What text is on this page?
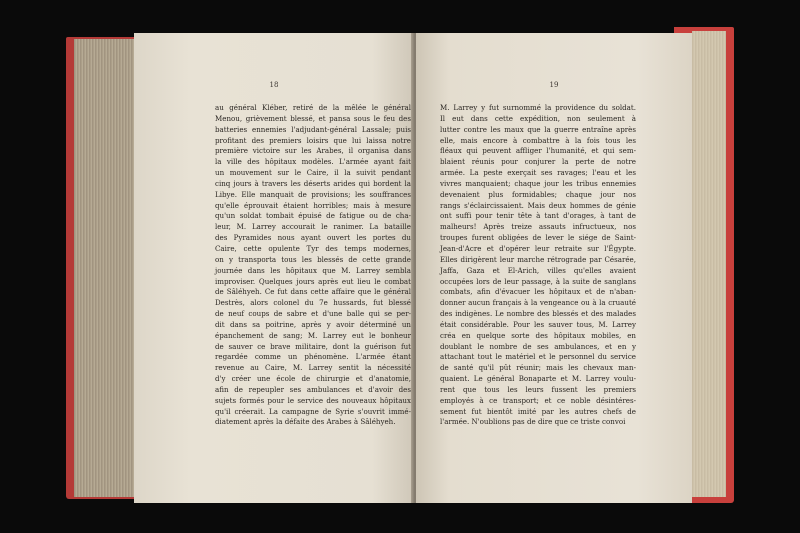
18
au général Kléber, retiré de la mêlée le général
Menou, grièvement blessé, et pansa sous le feu des
batteries ennemies l'adjudant-général Lassale; puis
profitant des premiers loisirs que lui laissa notre
première victoire sur les Arabes, il organisa dans
la ville des hôpitaux modèles. L'armée ayant fait
un mouvement sur le Caire, il la suivit pendant
cinq jours à travers les déserts arides qui bordent la
Libye. Elle manquait de provisions; les souffrances
qu'elle éprouvait étaient horribles; mais à mesure
qu'un soldat tombait épuisé de fatigue ou de cha-
leur, M. Larrey accourait le ranimer. La bataille
des Pyramides nous ayant ouvert les portes du
Caire, cette opulente Tyr des temps modernes,
on y transporta tous les blessés de cette grande
journée dans les hôpitaux que M. Larrey sembla
improviser. Quelques jours après eut lieu le combat
de Sâléhyeh. Ce fut dans cette affaire que le général
Destrès, alors colonel du 7e hussards, fut blessé
de neuf coups de sabre et d'une balle qui se per-
dit dans sa poitrine, après y avoir déterminé un
épanchement de sang; M. Larrey eut le bonheur
de sauver ce brave militaire, dont la guérison fut
regardée comme un phénomène. L'armée étant
revenue au Caire, M. Larrey sentit la nécessité
d'y créer une école de chirurgie et d'anatomie,
afin de repeupler ses ambulances et d'avoir des
sujets formés pour le service des nouveaux hôpitaux
qu'il créerait. La campagne de Syrie s'ouvrit immé-
diatement après la défaite des Arabes à Sâléhyeh.
19
M. Larrey y fut surnommé la providence du soldat.
Il eut dans cette expédition, non seulement à
lutter contre les maux que la guerre entraîne après
elle, mais encore à combattre à la fois tous les
fléaux qui peuvent affliger l'humanité, et qui sem-
blaient réunis pour conjurer la perte de notre
armée. La peste exerçait ses ravages; l'eau et les
vivres manquaient; chaque jour les tribus ennemies
devenaient plus formidables; chaque jour nos
rangs s'éclaircissaient. Mais deux hommes de génie
ont suffi pour tenir tête à tant d'orages, à tant de
malheurs! Après treize assauts infructueux, nos
troupes furent obligées de lever le siége de Saint-
Jean-d'Acre et d'opérer leur retraite sur l'Égypte.
Elles dirigèrent leur marche rétrograde par Césarée,
Jaffa, Gaza et El-Arich, villes qu'elles avaient
occupées lors de leur passage, à la suite de sanglans
combats, afin d'évacuer les hôpitaux et de n'aban-
donner aucun français à la vengeance ou à la cruauté
des indigènes. Le nombre des blessés et des malades
était considérable. Pour les sauver tous, M. Larrey
créa en quelque sorte des hôpitaux mobiles, en
doublant le nombre de ses ambulances, et en y
attachant tout le matériel et le personnel du service
de santé qu'il pût réunir; mais les chevaux man-
quaient. Le général Bonaparte et M. Larrey voulu-
rent que tous les leurs fussent les premiers
employés à ce transport; et ce noble désintéres-
sement fut bientôt imité par les autres chefs de
l'armée. N'oublions pas de dire que ce triste convoi
